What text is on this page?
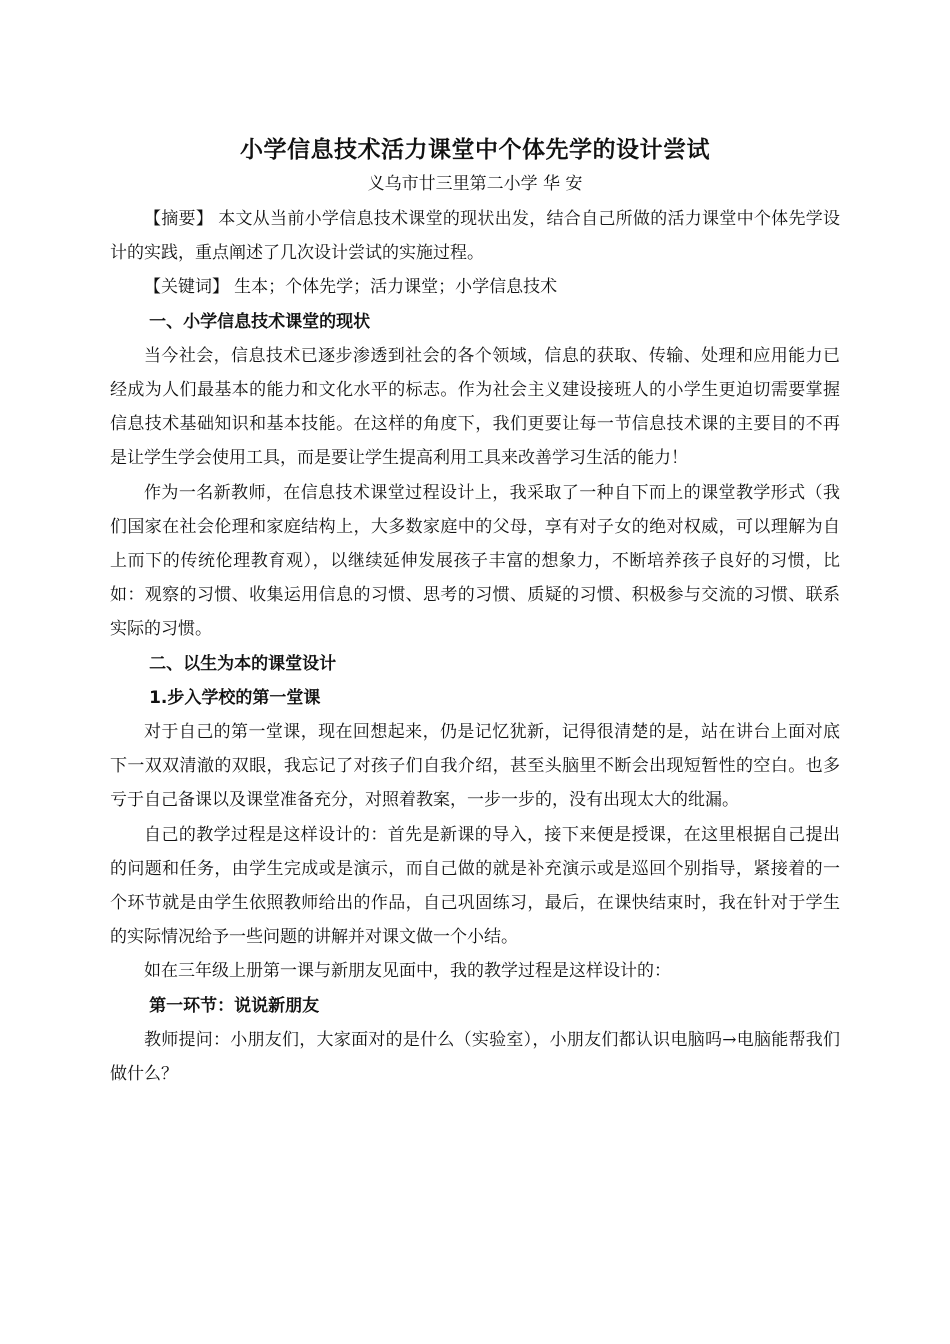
小学信息技术活力课堂中个体先学的设计尝试
义乌市廿三里第二小学 华 安

【摘要】 本文从当前小学信息技术课堂的现状出发，结合自己所做的活力课堂中个体先学设计的实践，重点阐述了几次设计尝试的实施过程。

【关键词】 生本；个体先学；活力课堂；小学信息技术

一、小学信息技术课堂的现状

当今社会，信息技术已逐步渗透到社会的各个领域，信息的获取、传输、处理和应用能力已经成为人们最基本的能力和文化水平的标志。作为社会主义建设接班人的小学生更迫切需要掌握信息技术基础知识和基本技能。在这样的角度下，我们更要让每一节信息技术课的主要目的不再是让学生学会使用工具，而是要让学生提高利用工具来改善学习生活的能力！

作为一名新教师，在信息技术课堂过程设计上，我采取了一种自下而上的课堂教学形式（我们国家在社会伦理和家庭结构上，大多数家庭中的父母，享有对子女的绝对权威，可以理解为自上而下的传统伦理教育观），以继续延伸发展孩子丰富的想象力，不断培养孩子良好的习惯，比如：观察的习惯、收集运用信息的习惯、思考的习惯、质疑的习惯、积极参与交流的习惯、联系实际的习惯。

二、以生为本的课堂设计
1.步入学校的第一堂课

对于自己的第一堂课，现在回想起来，仍是记忆犹新，记得很清楚的是，站在讲台上面对底下一双双清澈的双眼，我忘记了对孩子们自我介绍，甚至头脑里不断会出现短暂性的空白。也多亏于自己备课以及课堂准备充分，对照着教案，一步一步的，没有出现太大的纰漏。

自己的教学过程是这样设计的：首先是新课的导入，接下来便是授课，在这里根据自己提出的问题和任务，由学生完成或是演示，而自己做的就是补充演示或是巡回个别指导，紧接着的一个环节就是由学生依照教师给出的作品，自己巩固练习，最后，在课快结束时，我在针对于学生的实际情况给予一些问题的讲解并对课文做一个小结。

如在三年级上册第一课与新朋友见面中，我的教学过程是这样设计的：

第一环节：说说新朋友

教师提问：小朋友们，大家面对的是什么（实验室），小朋友们都认识电脑吗→电脑能帮我们做什么？
